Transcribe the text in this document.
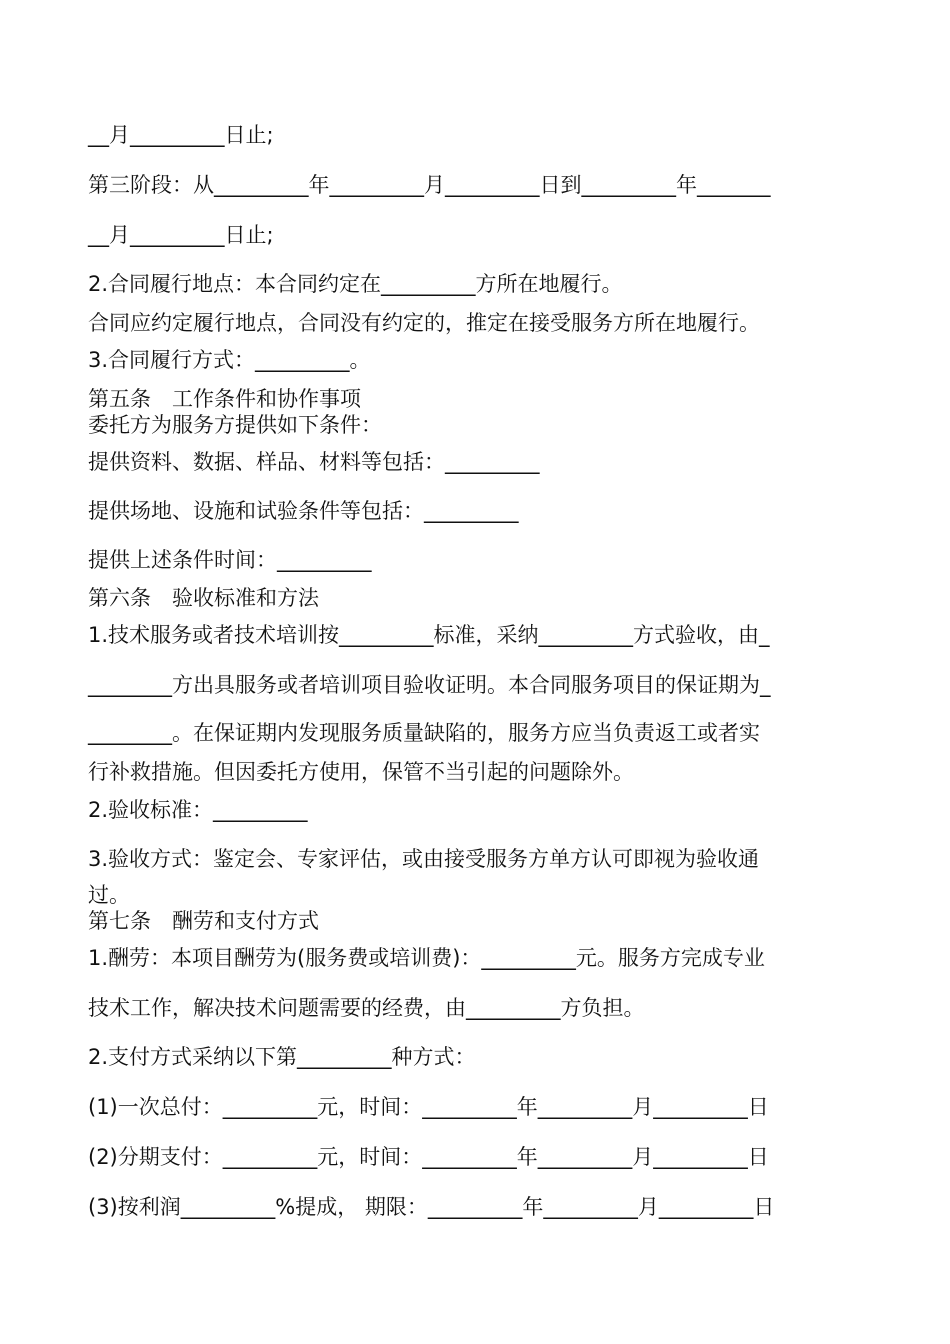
__月_________日止;
第三阶段：从_________年_________月_________日到_________年_______
__月_________日止;
2.合同履行地点：本合同约定在_________方所在地履行。
合同应约定履行地点，合同没有约定的，推定在接受服务方所在地履行。
3.合同履行方式：_________。
第五条　工作条件和协作事项
委托方为服务方提供如下条件：
提供资料、数据、样品、材料等包括：_________
提供场地、设施和试验条件等包括：_________
提供上述条件时间：_________
第六条　验收标准和方法
1.技术服务或者技术培训按_________标准，采纳_________方式验收，由_
________方出具服务或者培训项目验收证明。本合同服务项目的保证期为_
________。在保证期内发现服务质量缺陷的，服务方应当负责返工或者实
行补救措施。但因委托方使用，保管不当引起的问题除外。
2.验收标准：_________
3.验收方式：鉴定会、专家评估，或由接受服务方单方认可即视为验收通
过。
第七条　酬劳和支付方式
1.酬劳：本项目酬劳为(服务费或培训费)：_________元。服务方完成专业
技术工作，解决技术问题需要的经费，由_________方负担。
2.支付方式采纳以下第_________种方式：
(1)一次总付：_________元，时间：_________年_________月_________日
(2)分期支付：_________元，时间：_________年_________月_________日
(3)按利润_________%提成， 期限：_________年_________月_________日
